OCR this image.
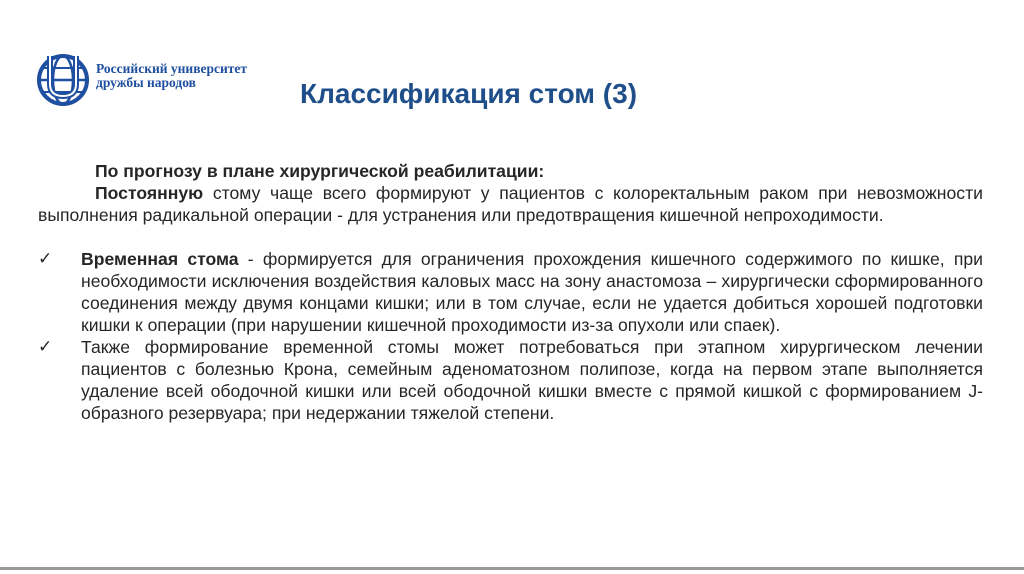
Российский университет
дружбы народов	Классификация стом (3)

По прогнозу в плане хирургической реабилитации:

Постоянную стому чаще всего формируют у пациентов с колоректальным раком при невозможности выполнения радикальной операции - для устранения или предотвращения кишечной непроходимости.

✓ Временная стома - формируется для ограничения прохождения кишечного содержимого по кишке, при необходимости исключения воздействия каловых масс на зону анастомоза – хирургически сформированного соединения между двумя концами кишки; или в том случае, если не удается добиться хорошей подготовки кишки к операции (при нарушении кишечной проходимости из-за опухоли или спаек).

✓ Также формирование временной стомы может потребоваться при этапном хирургическом лечении пациентов с болезнью Крона, семейным аденоматозном полипозе, когда на первом этапе выполняется удаление всей ободочной кишки или всей ободочной кишки вместе с прямой кишкой с формированием J-образного резервуара; при недержании тяжелой степени.
